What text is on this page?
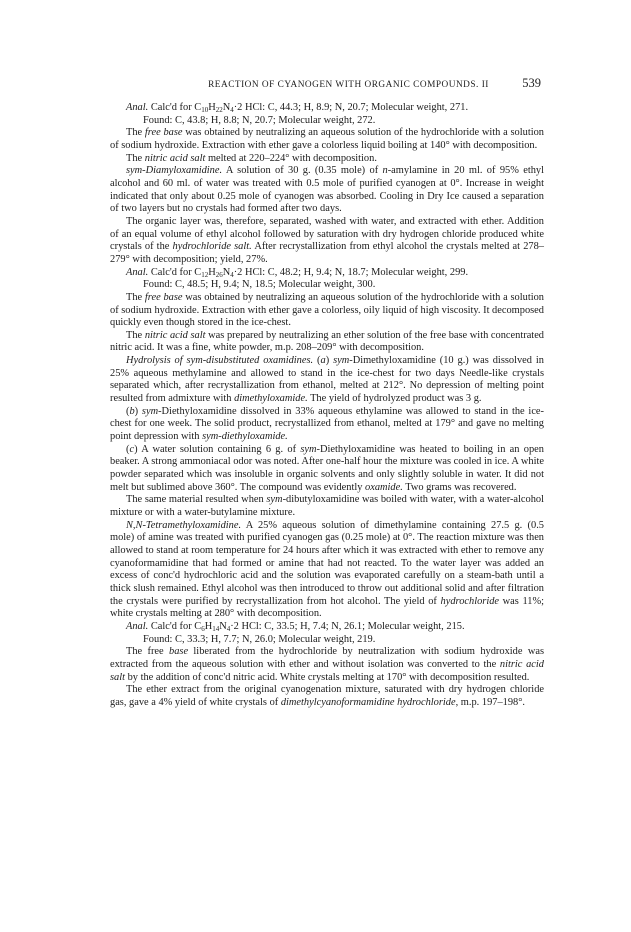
REACTION OF CYANOGEN WITH ORGANIC COMPOUNDS. II	539

Anal. Calc'd for $C_{10}H_{22}N_4\cdot 2$ HCl: C, 44.3; H, 8.9; N, 20.7; Molecular weight, 271.

Found: C, 43.8; H, 8.8; N, 20.7; Molecular weight, 272.

The free base was obtained by neutralizing an aqueous solution of the hydrochloride with a solution of sodium hydroxide. Extraction with ether gave a colorless liquid boiling at 140° with decomposition.

The nitric acid salt melted at 220–224° with decomposition.

sym-Diamyloxamidine. A solution of 30 g. (0.35 mole) of n-amylamine in 20 ml. of 95% ethyl alcohol and 60 ml. of water was treated with 0.5 mole of purified cyanogen at 0°. Increase in weight indicated that only about 0.25 mole of cyanogen was absorbed. Cooling in Dry Ice caused a separation of two layers but no crystals had formed after two days.

The organic layer was, therefore, separated, washed with water, and extracted with ether. Addition of an equal volume of ethyl alcohol followed by saturation with dry hydrogen chloride produced white crystals of the hydrochloride salt. After recrystallization from ethyl alcohol the crystals melted at 278–279° with decomposition; yield, 27%.

Anal. Calc'd for $C_{12}H_{26}N_4\cdot 2$ HCl: C, 48.2; H, 9.4; N, 18.7; Molecular weight, 299.

Found: C, 48.5; H, 9.4; N, 18.5; Molecular weight, 300.

The free base was obtained by neutralizing an aqueous solution of the hydrochloride with a solution of sodium hydroxide. Extraction with ether gave a colorless, oily liquid of high viscosity. It decomposed quickly even though stored in the ice-chest.

The nitric acid salt was prepared by neutralizing an ether solution of the free base with concentrated nitric acid. It was a fine, white powder, m.p. 208–209° with decomposition.

Hydrolysis of sym-disubstituted oxamidines. (a) sym-Dimethyloxamidine (10 g.) was dissolved in 25% aqueous methylamine and allowed to stand in the ice-chest for two days Needle-like crystals separated which, after recrystallization from ethanol, melted at 212°. No depression of melting point resulted from admixture with dimethyloxamide. The yield of hydrolyzed product was 3 g.

(b) sym-Diethyloxamidine dissolved in 33% aqueous ethylamine was allowed to stand in the ice-chest for one week. The solid product, recrystallized from ethanol, melted at 179° and gave no melting point depression with sym-diethyloxamide.

(c) A water solution containing 6 g. of sym-Diethyloxamidine was heated to boiling in an open beaker. A strong ammoniacal odor was noted. After one-half hour the mixture was cooled in ice. A white powder separated which was insoluble in organic solvents and only slightly soluble in water. It did not melt but sublimed above 360°. The compound was evidently oxamide. Two grams was recovered.

The same material resulted when sym-dibutyloxamidine was boiled with water, with a water-alcohol mixture or with a water-butylamine mixture.

N,N-Tetramethyloxamidine. A 25% aqueous solution of dimethylamine containing 27.5 g. (0.5 mole) of amine was treated with purified cyanogen gas (0.25 mole) at 0°. The reaction mixture was then allowed to stand at room temperature for 24 hours after which it was extracted with ether to remove any cyanoformamidine that had formed or amine that had not reacted. To the water layer was added an excess of conc'd hydrochloric acid and the solution was evaporated carefully on a steam-bath until a thick slush remained. Ethyl alcohol was then introduced to throw out additional solid and after filtration the crystals were purified by recrystallization from hot alcohol. The yield of hydrochloride was 11%; white crystals melting at 280° with decomposition.

Anal. Calc'd for $C_6H_{14}N_4\cdot 2$ HCl: C, 33.5; H, 7.4; N, 26.1; Molecular weight, 215.

Found: C, 33.3; H, 7.7; N, 26.0; Molecular weight, 219.

The free base liberated from the hydrochloride by neutralization with sodium hydroxide was extracted from the aqueous solution with ether and without isolation was converted to the nitric acid salt by the addition of conc'd nitric acid. White crystals melting at 170° with decomposition resulted.

The ether extract from the original cyanogenation mixture, saturated with dry hydrogen chloride gas, gave a 4% yield of white crystals of dimethylcyanoformamidine hydrochloride, m.p. 197–198°.
